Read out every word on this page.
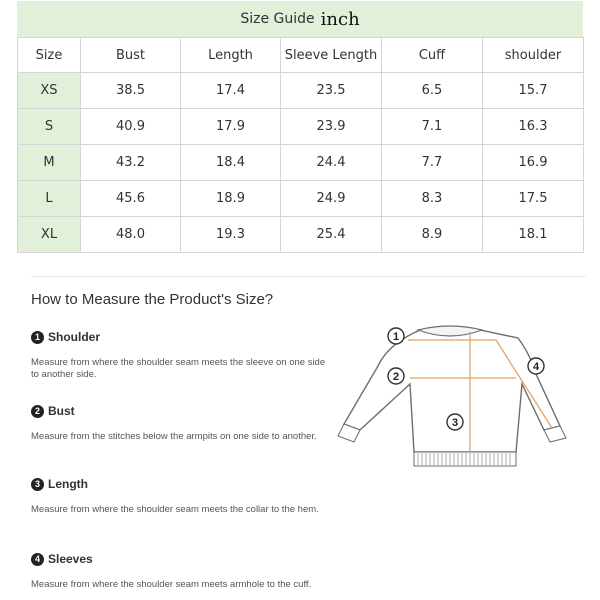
Size Guide inch
Size	Bust	Length	Sleeve Length	Cuff	shoulder
XS	38.5	17.4	23.5	6.5	15.7
S	40.9	17.9	23.9	7.1	16.3
M	43.2	18.4	24.4	7.7	16.9
L	45.6	18.9	24.9	8.3	17.5
XL	48.0	19.3	25.4	8.9	18.1
How to Measure the Product's Size?
1 Shoulder
Measure from where the shoulder seam meets the sleeve on one side to another side.
2 Bust
Measure from the stitches below the armpits on one side to another.
3 Length
Measure from where the shoulder seam meets the collar to the hem.
4 Sleeves
Measure from where the shoulder seam meets armhole to the cuff.
1
2
3
4
